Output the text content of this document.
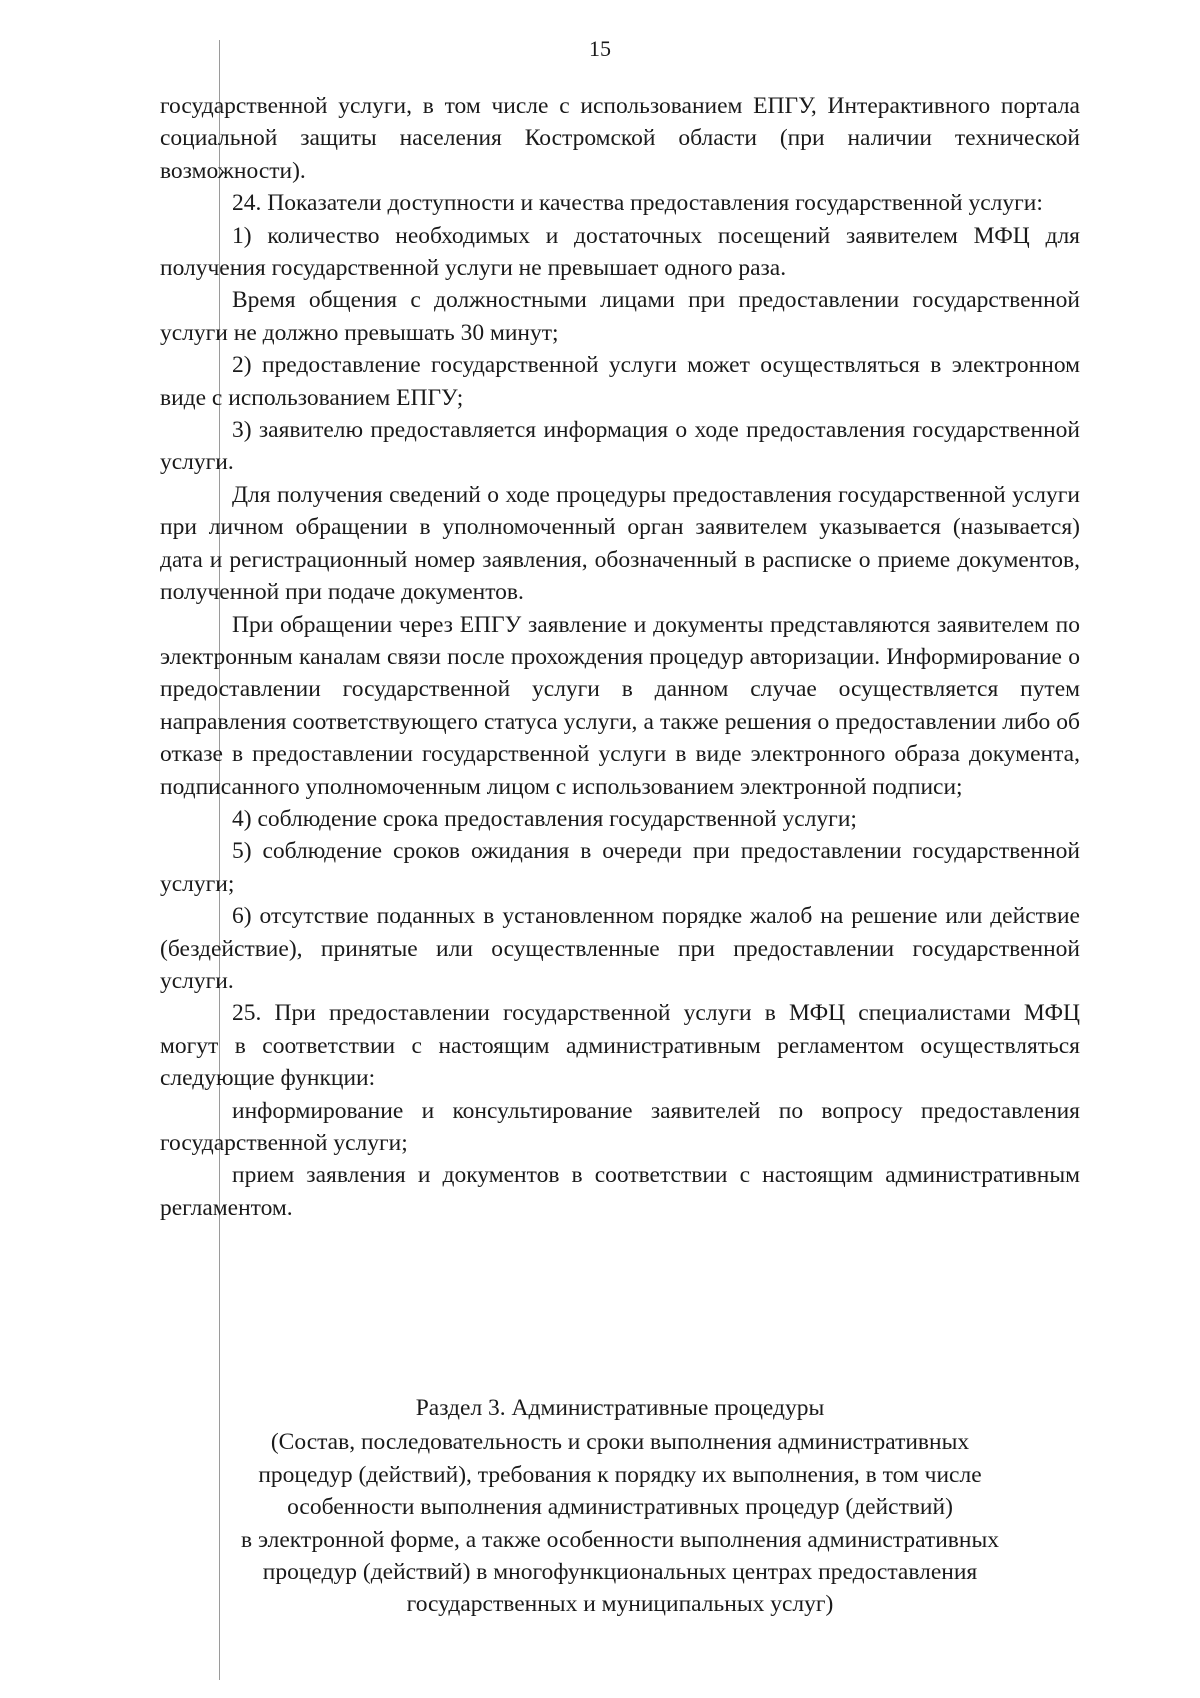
15

государственной услуги, в том числе с использованием ЕПГУ, Интерактивного портала социальной защиты населения Костромской области (при наличии технической возможности).

24. Показатели доступности и качества предоставления государственной услуги:

1) количество необходимых и достаточных посещений заявителем МФЦ для получения государственной услуги не превышает одного раза.

Время общения с должностными лицами при предоставлении государственной услуги не должно превышать 30 минут;

2) предоставление государственной услуги может осуществляться в электронном виде с использованием ЕПГУ;

3) заявителю предоставляется информация о ходе предоставления государственной услуги.

Для получения сведений о ходе процедуры предоставления государственной услуги при личном обращении в уполномоченный орган заявителем указывается (называется) дата и регистрационный номер заявления, обозначенный в расписке о приеме документов, полученной при подаче документов.

При обращении через ЕПГУ заявление и документы представляются заявителем по электронным каналам связи после прохождения процедур авторизации. Информирование о предоставлении государственной услуги в данном случае осуществляется путем направления соответствующего статуса услуги, а также решения о предоставлении либо об отказе в предоставлении государственной услуги в виде электронного образа документа, подписанного уполномоченным лицом с использованием электронной подписи;

4) соблюдение срока предоставления государственной услуги;

5) соблюдение сроков ожидания в очереди при предоставлении государственной услуги;

6) отсутствие поданных в установленном порядке жалоб на решение или действие (бездействие), принятые или осуществленные при предоставлении государственной услуги.

25. При предоставлении государственной услуги в МФЦ специалистами МФЦ могут в соответствии с настоящим административным регламентом осуществляться следующие функции:

информирование и консультирование заявителей по вопросу предоставления государственной услуги;

прием заявления и документов в соответствии с настоящим административным регламентом.

Раздел 3. Административные процедуры

(Состав, последовательность и сроки выполнения административных

процедур (действий), требования к порядку их выполнения, в том числе

особенности выполнения административных процедур (действий)

в электронной форме, а также особенности выполнения административных

процедур (действий) в многофункциональных центрах предоставления

государственных и муниципальных услуг)
